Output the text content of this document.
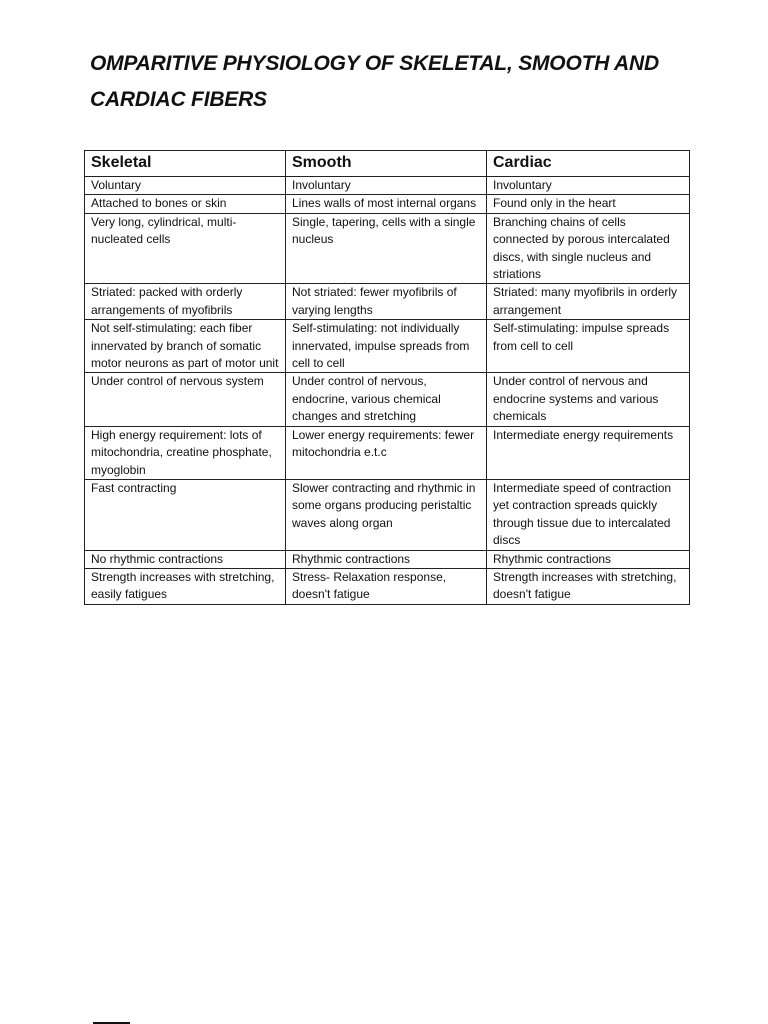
OMPARITIVE PHYSIOLOGY OF SKELETAL, SMOOTH AND CARDIAC FIBERS
Skeletal	Smooth	Cardiac
Voluntary	Involuntary	Involuntary
Attached to bones or skin	Lines walls of most internal organs	Found only in the heart
Very long, cylindrical, multi-nucleated cells	Single, tapering, cells with a single nucleus	Branching chains of cells connected by porous intercalated discs, with single nucleus and striations
Striated: packed with orderly arrangements of myofibrils	Not striated: fewer myofibrils of varying lengths	Striated: many myofibrils in orderly arrangement
Not self-stimulating: each fiber innervated by branch of somatic motor neurons as part of motor unit	Self-stimulating: not individually innervated, impulse spreads from cell to cell	Self-stimulating: impulse spreads from cell to cell
Under control of nervous system	Under control of nervous, endocrine, various chemical changes and stretching	Under control of nervous and endocrine systems and various chemicals
High energy requirement: lots of mitochondria, creatine phosphate, myoglobin	Lower energy requirements: fewer mitochondria e.t.c	Intermediate energy requirements
Fast contracting	Slower contracting and rhythmic in some organs producing peristaltic waves along organ	Intermediate speed of contraction yet contraction spreads quickly through tissue due to intercalated discs
No rhythmic contractions	Rhythmic contractions	Rhythmic contractions
Strength increases with stretching, easily fatigues	Stress- Relaxation response, doesn't fatigue	Strength increases with stretching, doesn't fatigue
